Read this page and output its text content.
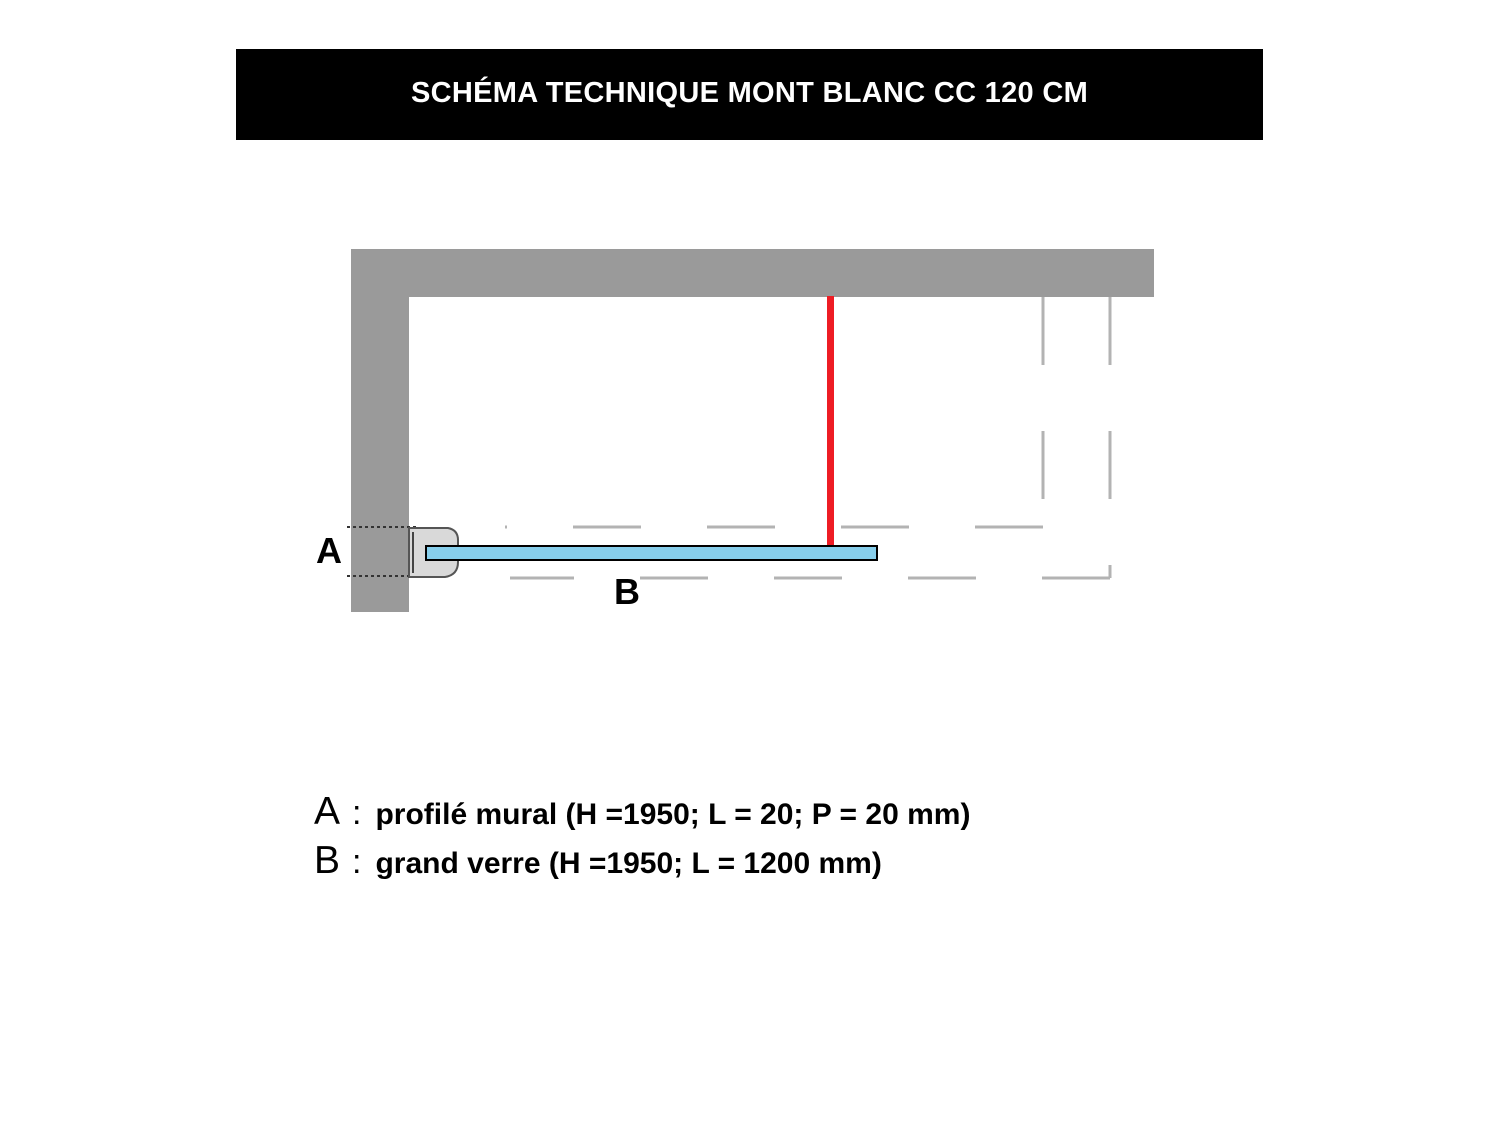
SCHÉMA TECHNIQUE MONT BLANC CC 120 CM
A
B
A : profilé mural (H =1950; L = 20; P = 20 mm)
B : grand verre (H =1950; L = 1200 mm)
